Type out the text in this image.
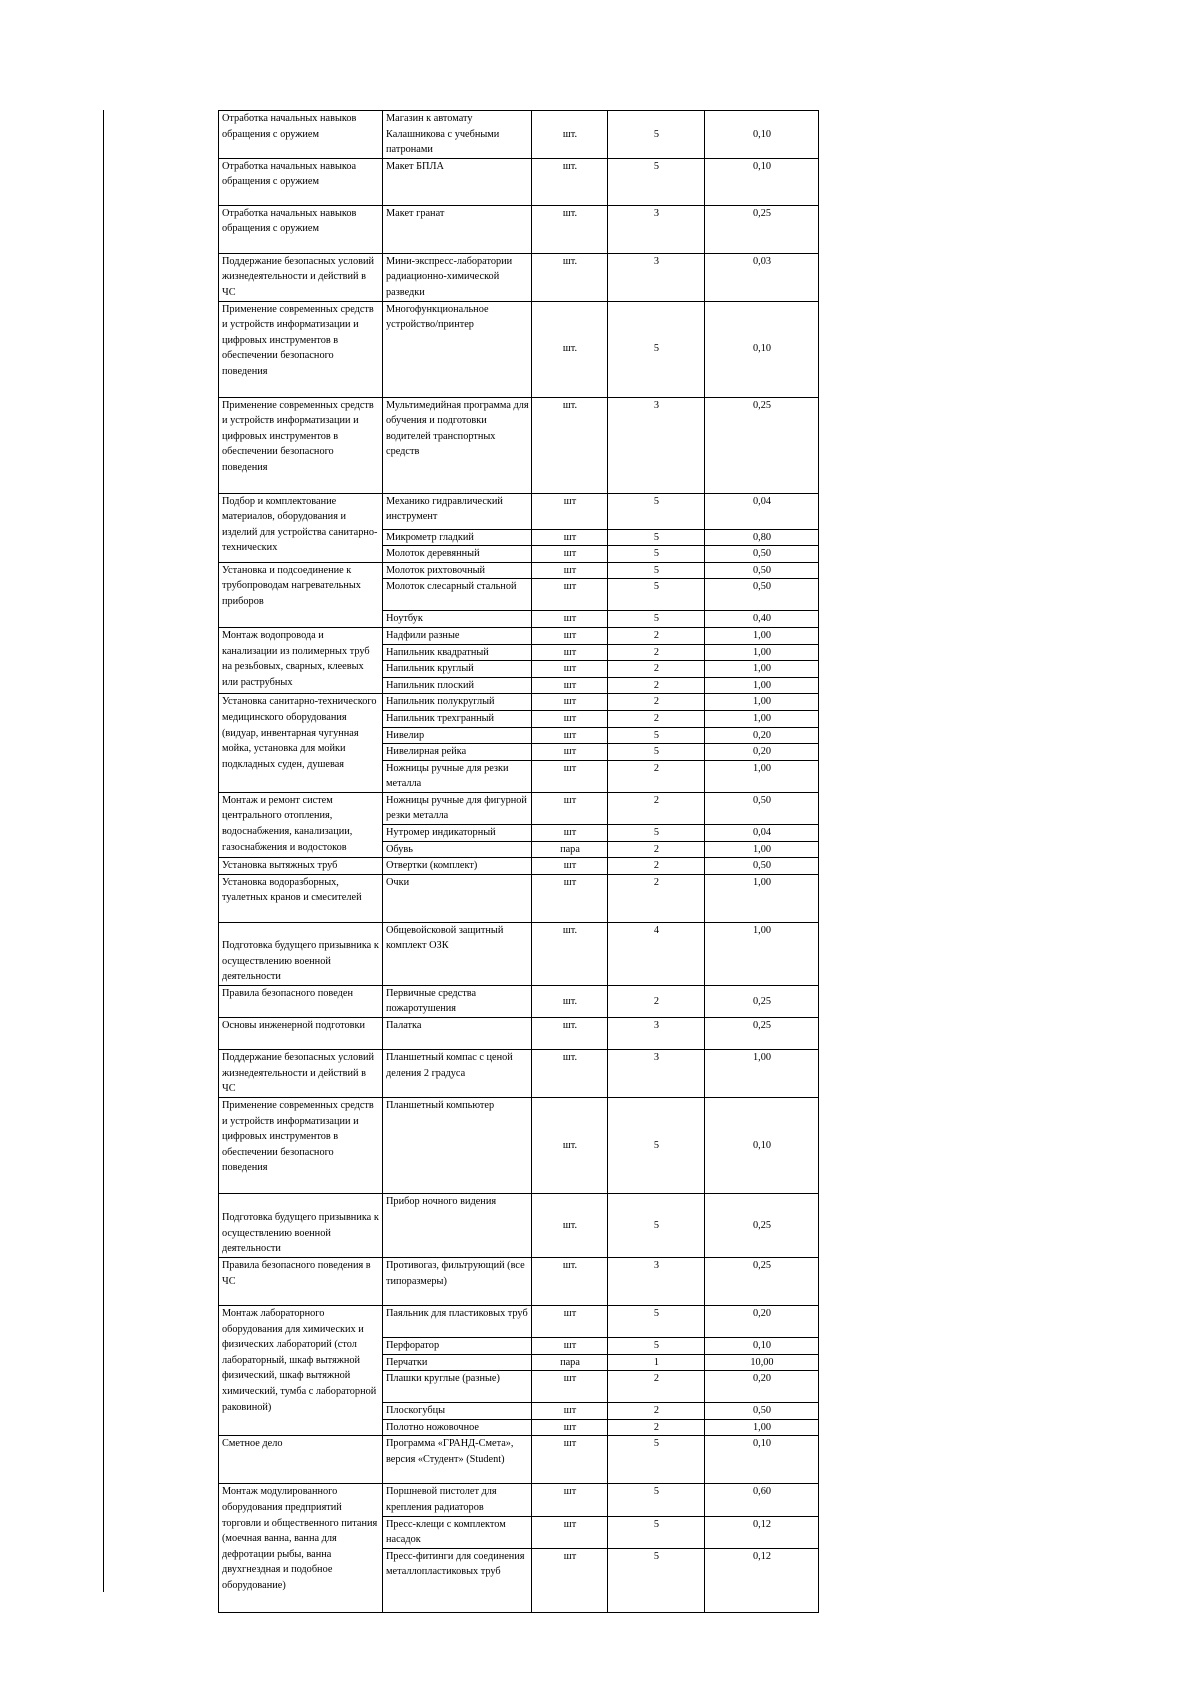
Отработка начальных навыков обращения с оружием	Магазин к автомату Калашникова с учебными патронами	шт.	5	0,10
Отработка начальных навыкоа обращения с оружием	Макет БПЛА	шт.	5	0,10
Отработка начальных навыков обращения с оружием	Макет гранат	шт.	3	0,25
Поддержание безопасных условий жизнедеятельности и действий в ЧС	Мини-экспресс-лаборатории радиационно-химической разведки	шт.	3	0,03
Применение современных средств и устройств информатизации и цифровых инструментов в обеспечении безопасного поведения	Многофункциональное устройство/принтер	шт.	5	0,10
Применение современных средств и устройств информатизации и цифровых инструментов в обеспечении безопасного поведения	Мультимедийная программа для обучения и подготовки водителей транспортных средств	шт.	3	0,25
Подбор и комплектование материалов, оборудования и изделий для устройства санитарно-технических	Механико гидравлический инструмент	шт	5	0,04
	Микрометр гладкий	шт	5	0,80
	Молоток деревянный	шт	5	0,50
Установка и подсоединение к трубопроводам нагревательных приборов	Молоток рихтовочный	шт	5	0,50
	Молоток слесарный стальной	шт	5	0,50
	Ноутбук	шт	5	0,40
Монтаж водопровода и канализации из полимерных труб на резьбовых, сварных, клеевых или раструбных	Надфили разные	шт	2	1,00
	Напильник квадратный	шт	2	1,00
	Напильник круглый	шт	2	1,00
	Напильник плоский	шт	2	1,00
Установка санитарно-технического медицинского оборудования (видуар, инвентарная чугунная мойка, установка для мойки подкладных суден, душевая	Напильник полукруглый	шт	2	1,00
	Напильник трехгранный	шт	2	1,00
	Нивелир	шт	5	0,20
	Нивелирная рейка	шт	5	0,20
	Ножницы ручные для резки металла	шт	2	1,00
Монтаж и ремонт систем центрального отопления, водоснабжения, канализации, газоснабжения и водостоков	Ножницы ручные для фигурной резки металла	шт	2	0,50
	Нутромер индикаторный	шт	5	0,04
	Обувь	пара	2	1,00
Установка вытяжных труб	Отвертки (комплект)	шт	2	0,50
Установка водоразборных, туалетных кранов и смесителей	Очки	шт	2	1,00
Подготовка будущего призывника к осуществлению военной деятельности	Общевойсковой защитный комплект ОЗК	шт.	4	1,00
Правила безопасного поведен	Первичные средства пожаротушения	шт.	2	0,25
Основы инженерной подготовки	Палатка	шт.	3	0,25
Поддержание безопасных условий жизнедеятельности и действий в ЧС	Планшетный компас с ценой деления 2 градуса	шт.	3	1,00
Применение современных средств и устройств информатизации и цифровых инструментов в обеспечении безопасного поведения	Планшетный компьютер	шт.	5	0,10
Подготовка будущего призывника к осуществлению военной деятельности	Прибор ночного видения	шт.	5	0,25
Правила безопасного поведения в ЧС	Противогаз, фильтрующий (все типоразмеры)	шт.	3	0,25
Монтаж лабораторного оборудования для химических и физических лабораторий (стол лабораторный, шкаф вытяжной физический, шкаф вытяжной химический, тумба с лабораторной раковиной)	Паяльник для пластиковых труб	шт	5	0,20
	Перфоратор	шт	5	0,10
	Перчатки	пара	1	10,00
	Плашки круглые (разные)	шт	2	0,20
	Плоскогубцы	шт	2	0,50
	Полотно ножовочное	шт	2	1,00
Сметное дело	Программа «ГРАНД-Смета», версия «Студент» (Student)	шт	5	0,10
Монтаж модулированного оборудования предприятий торговли и общественного питания (моечная ванна, ванна для дефротации рыбы, ванна двухгнездная и подобное оборудование)	Поршневой пистолет для крепления радиаторов	шт	5	0,60
	Пресс-клещи с комплектом насадок	шт	5	0,12
	Пресс-фитинги для соединения металлопластиковых труб	шт	5	0,12
